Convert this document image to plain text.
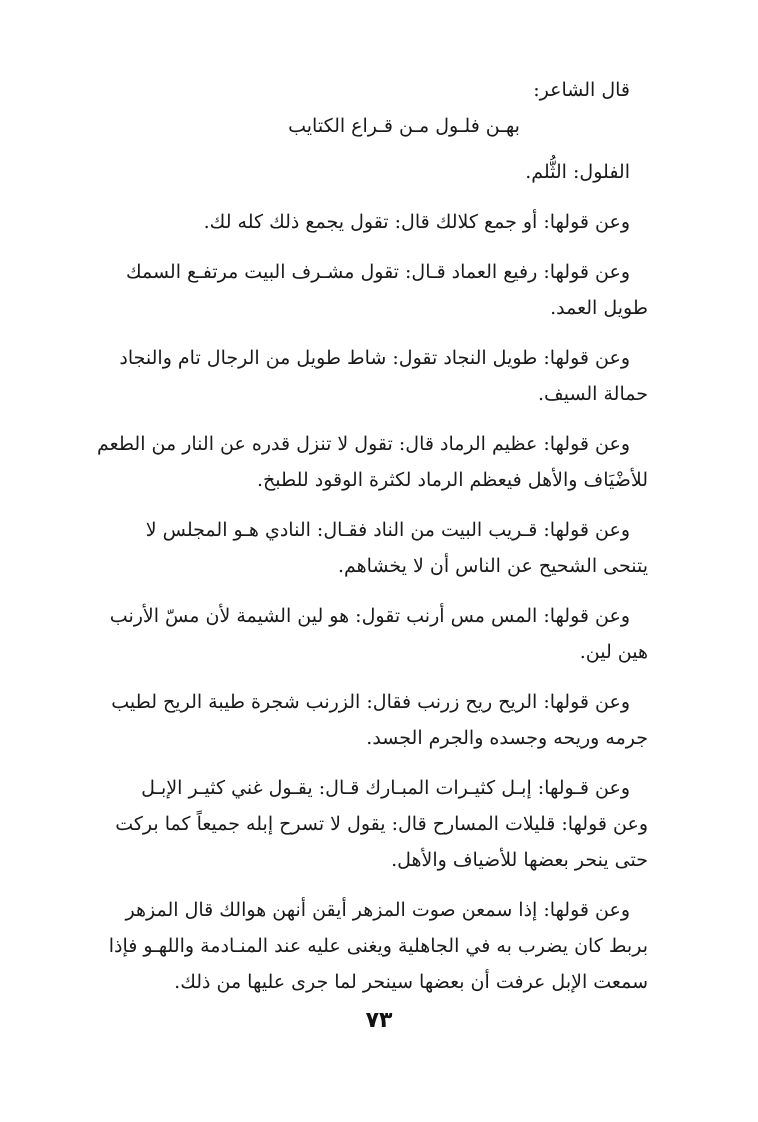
قال الشاعر:
بهـن فلـول مـن قـراع الكتايب
الفلول: الثُّلم.
وعن قولها: أو جمع كلالك قال: تقول يجمع ذلك كله لك.
وعن قولها: رفيع العماد قـال: تقول مشـرف البيت مرتفـع السمك
طويل العمد.
وعن قولها: طويل النجاد تقول: شاط طويل من الرجال تام والنجاد
حمالة السيف.
وعن قولها: عظيم الرماد قال: تقول لا تنزل قدره عن النار من الطعم
للأضْيَاف والأهل فيعظم الرماد لكثرة الوقود للطبخ.
وعن قولها: قـريب البيت من الناد فقـال: النادي هـو المجلس لا
يتنحى الشحيح عن الناس أن لا يخشاهم.
وعن قولها: المس مس أرنب تقول: هو لين الشيمة لأن مسّ الأرنب
هين لين.
وعن قولها: الريح ريح زرنب فقال: الزرنب شجرة طيبة الريح لطيب
جرمه وريحه وجسده والجرم الجسد.
وعن قـولها: إبـل كثيـرات المبـارك قـال: يقـول غني كثيـر الإبـل
وعن قولها: قليلات المسارح قال: يقول لا تسرح إبله جميعاً كما بركت
حتى ينحر بعضها للأضياف والأهل.
وعن قولها: إذا سمعن صوت المزهر أيقن أنهن هوالك قال المزهر
بربط كان يضرب به في الجاهلية ويغنى عليه عند المنـادمة واللهـو فإذا
سمعت الإبل عرفت أن بعضها سينحر لما جرى عليها من ذلك.
٧٣
